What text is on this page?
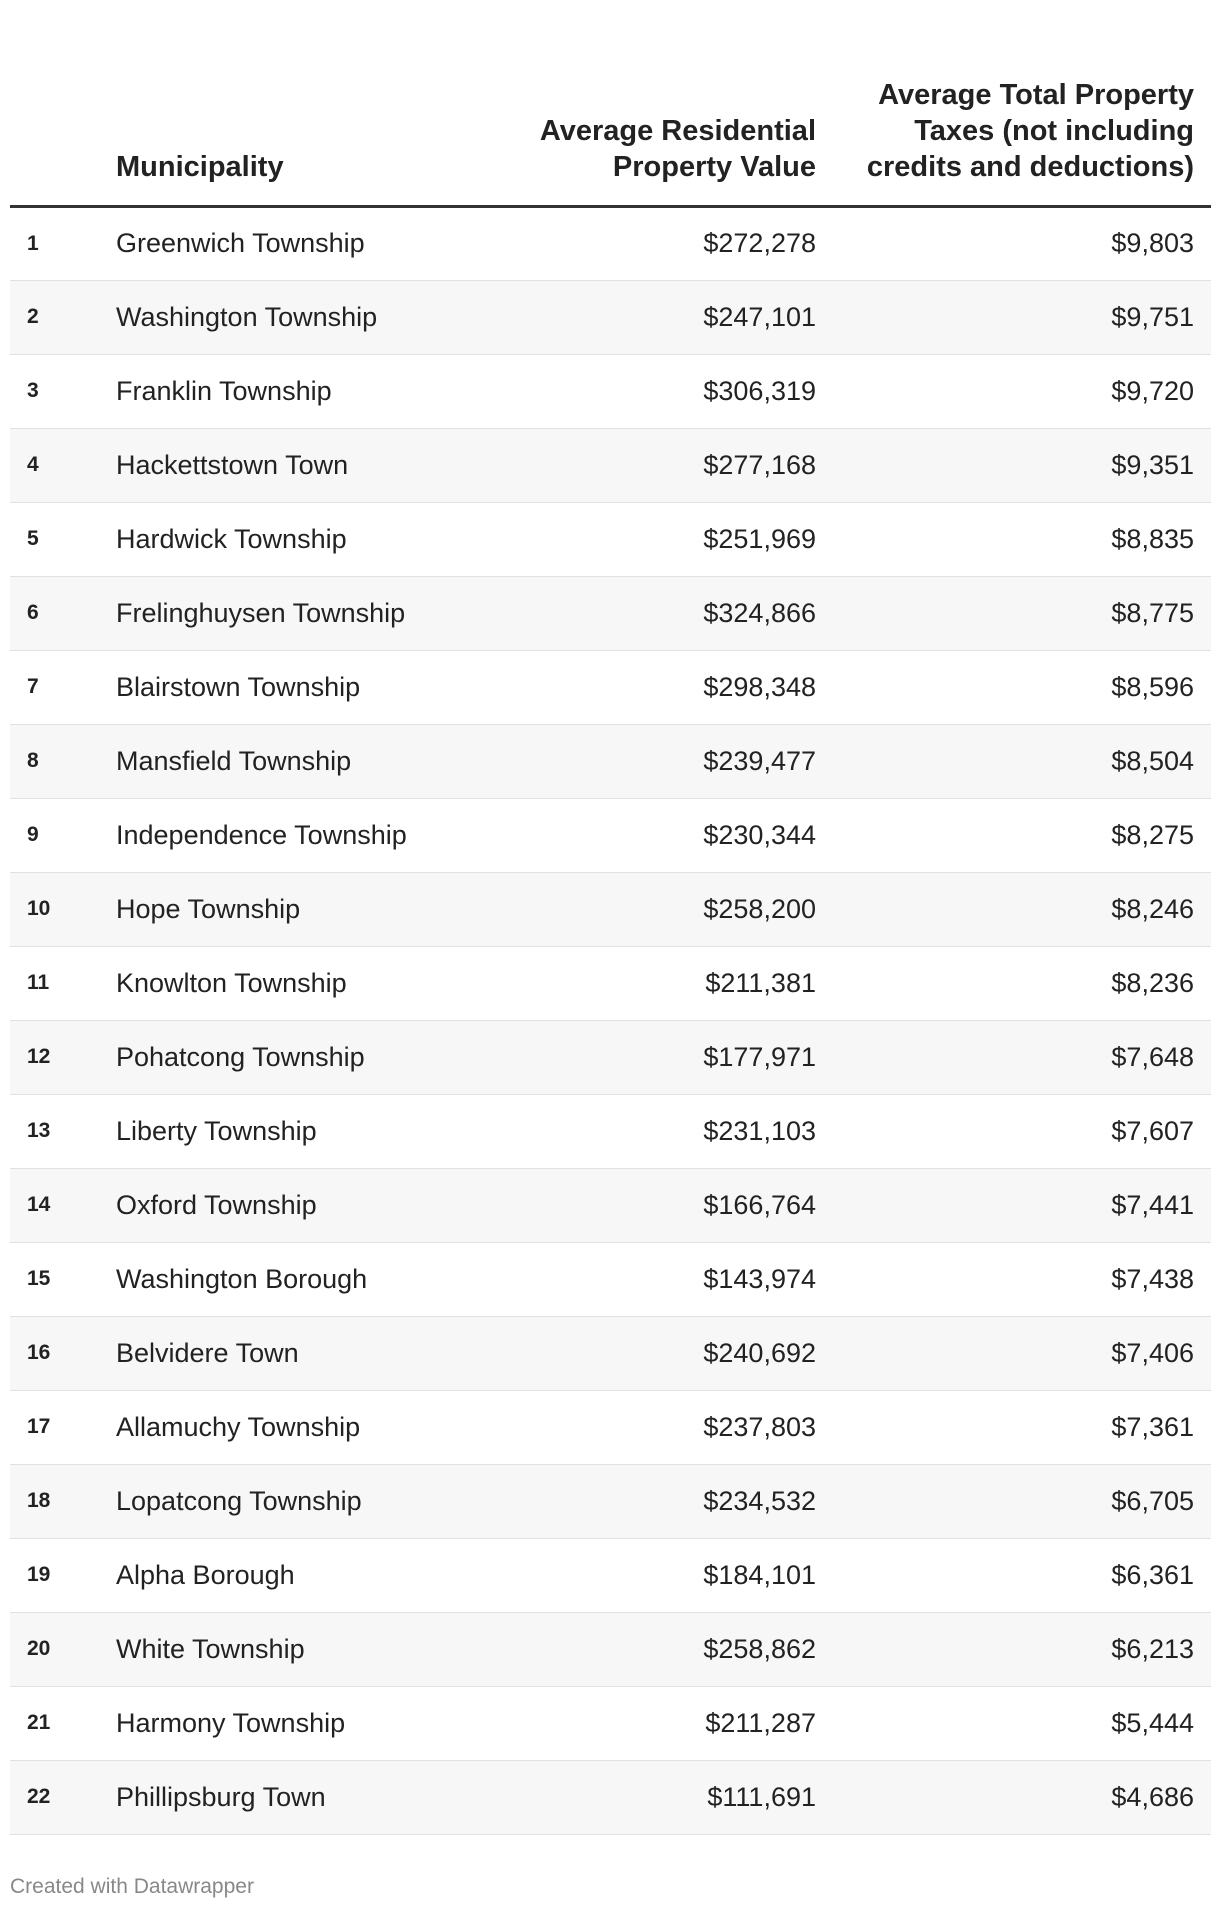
	Municipality	Average Residential Property Value	Average Total Property Taxes (not including credits and deductions)
1	Greenwich Township	$272,278	$9,803
2	Washington Township	$247,101	$9,751
3	Franklin Township	$306,319	$9,720
4	Hackettstown Town	$277,168	$9,351
5	Hardwick Township	$251,969	$8,835
6	Frelinghuysen Township	$324,866	$8,775
7	Blairstown Township	$298,348	$8,596
8	Mansfield Township	$239,477	$8,504
9	Independence Township	$230,344	$8,275
10	Hope Township	$258,200	$8,246
11	Knowlton Township	$211,381	$8,236
12	Pohatcong Township	$177,971	$7,648
13	Liberty Township	$231,103	$7,607
14	Oxford Township	$166,764	$7,441
15	Washington Borough	$143,974	$7,438
16	Belvidere Town	$240,692	$7,406
17	Allamuchy Township	$237,803	$7,361
18	Lopatcong Township	$234,532	$6,705
19	Alpha Borough	$184,101	$6,361
20	White Township	$258,862	$6,213
21	Harmony Township	$211,287	$5,444
22	Phillipsburg Town	$111,691	$4,686
Created with Datawrapper
